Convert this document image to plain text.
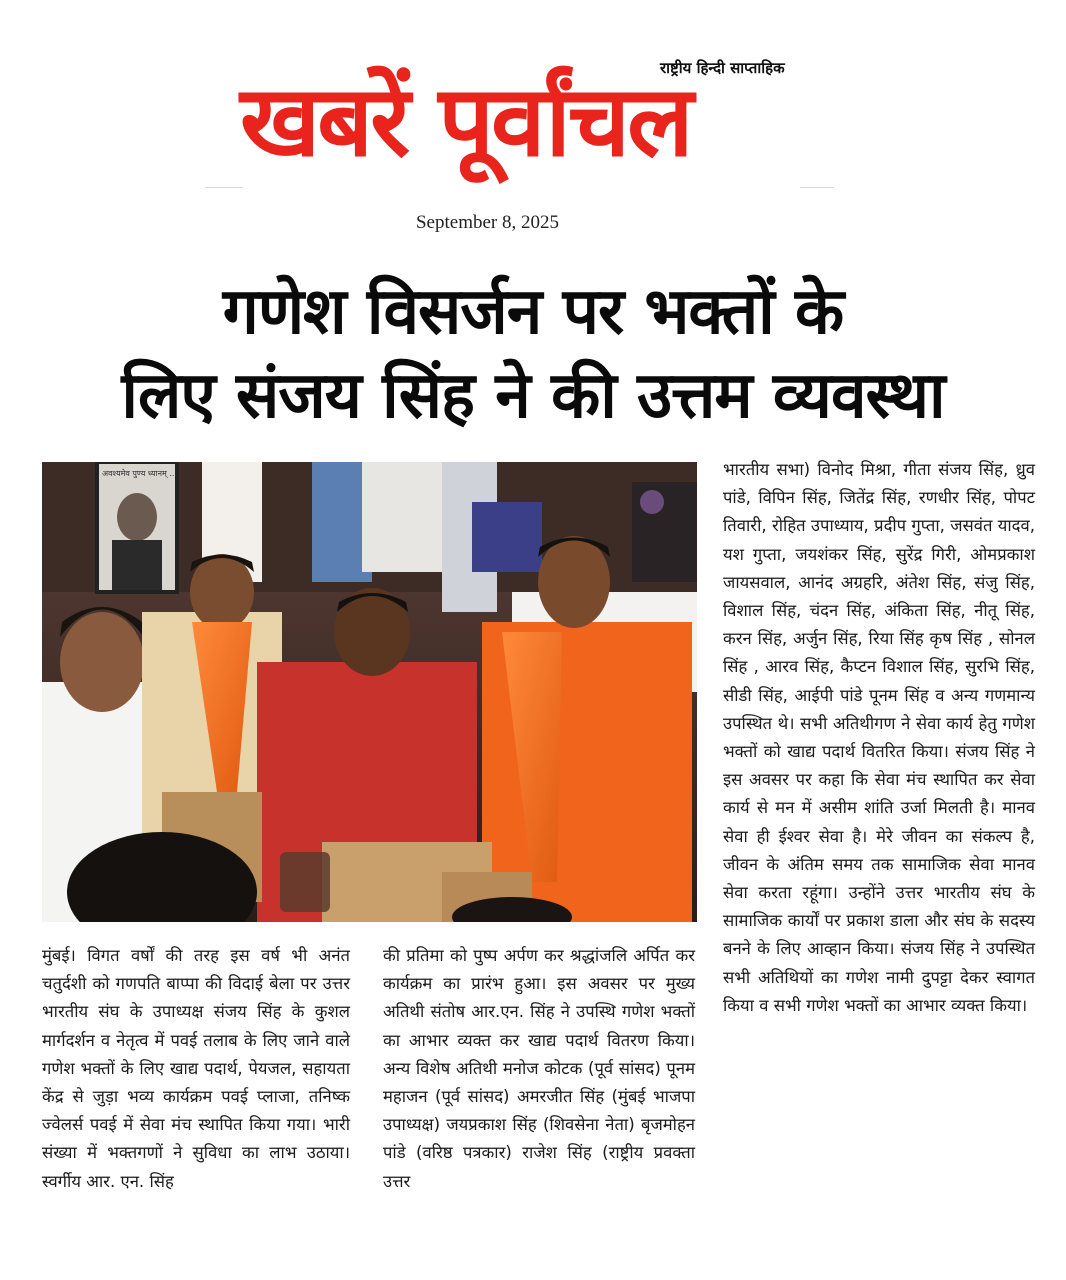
राष्ट्रीय हिन्दी साप्ताहिक
खबरें पूर्वांचल
September 8, 2025
गणेश विसर्जन पर भक्तों के
लिए संजय सिंह ने की उत्तम व्यवस्था
अवश्यमेव पुण्य ध्यानम् ...	भारतीय सभा) विनोद मिश्रा, गीता संजय सिंह, ध्रुव पांडे, विपिन सिंह, जितेंद्र सिंह, रणधीर सिंह, पोपट तिवारी, रोहित उपाध्याय, प्रदीप गुप्ता, जसवंत यादव, यश गुप्ता, जयशंकर सिंह, सुरेंद्र गिरी, ओमप्रकाश जायसवाल, आनंद अग्रहरि, अंतेश सिंह, संजु सिंह, विशाल सिंह, चंदन सिंह, अंकिता सिंह, नीतू सिंह, करन सिंह, अर्जुन सिंह, रिया सिंह कृष सिंह , सोनल सिंह , आरव सिंह, कैप्टन विशाल सिंह, सुरभि सिंह, सीडी सिंह, आईपी पांडे पूनम सिंह व अन्य गणमान्य उपस्थित थे। सभी अतिथीगण ने सेवा कार्य हेतु गणेश भक्तों को खाद्य पदार्थ वितरित किया। संजय सिंह ने इस अवसर पर कहा कि सेवा मंच स्थापित कर सेवा कार्य से मन में असीम शांति उर्जा मिलती है। मानव सेवा ही ईश्वर सेवा है। मेरे जीवन का संकल्प है, जीवन के अंतिम समय तक सामाजिक सेवा मानव सेवा करता रहूंगा। उन्होंने उत्तर भारतीय संघ के सामाजिक कार्यों पर प्रकाश डाला और संघ के सदस्य बनने के लिए आव्हान किया। संजय सिंह ने उपस्थित सभी अतिथियों का गणेश नामी दुपट्टा देकर स्वागत किया व सभी गणेश भक्तों का आभार व्यक्त किया।

मुंबई। विगत वर्षों की तरह इस वर्ष भी अनंत चतुर्दशी को गणपति बाप्पा की विदाई बेला पर उत्तर भारतीय संघ के उपाध्यक्ष संजय सिंह के कुशल मार्गदर्शन व नेतृत्व में पवई तलाब के लिए जाने वाले गणेश भक्तों के लिए खाद्य पदार्थ, पेयजल, सहायता केंद्र से जुड़ा भव्य कार्यक्रम पवई प्लाजा, तनिष्क ज्वेलर्स पवई में सेवा मंच स्थापित किया गया। भारी संख्या में भक्तगणों ने सुविधा का लाभ उठाया। स्वर्गीय आर. एन. सिंह

की प्रतिमा को पुष्प अर्पण कर श्रद्धांजलि अर्पित कर कार्यक्रम का प्रारंभ हुआ। इस अवसर पर मुख्य अतिथी संतोष आर.एन. सिंह ने उपस्थि गणेश भक्तों का आभार व्यक्त कर खाद्य पदार्थ वितरण किया। अन्य विशेष अतिथी मनोज कोटक (पूर्व सांसद) पूनम महाजन (पूर्व सांसद) अमरजीत सिंह (मुंबई भाजपा उपाध्यक्ष) जयप्रकाश सिंह (शिवसेना नेता) बृजमोहन पांडे (वरिष्ठ पत्रकार) राजेश सिंह (राष्ट्रीय प्रवक्ता उत्तर
